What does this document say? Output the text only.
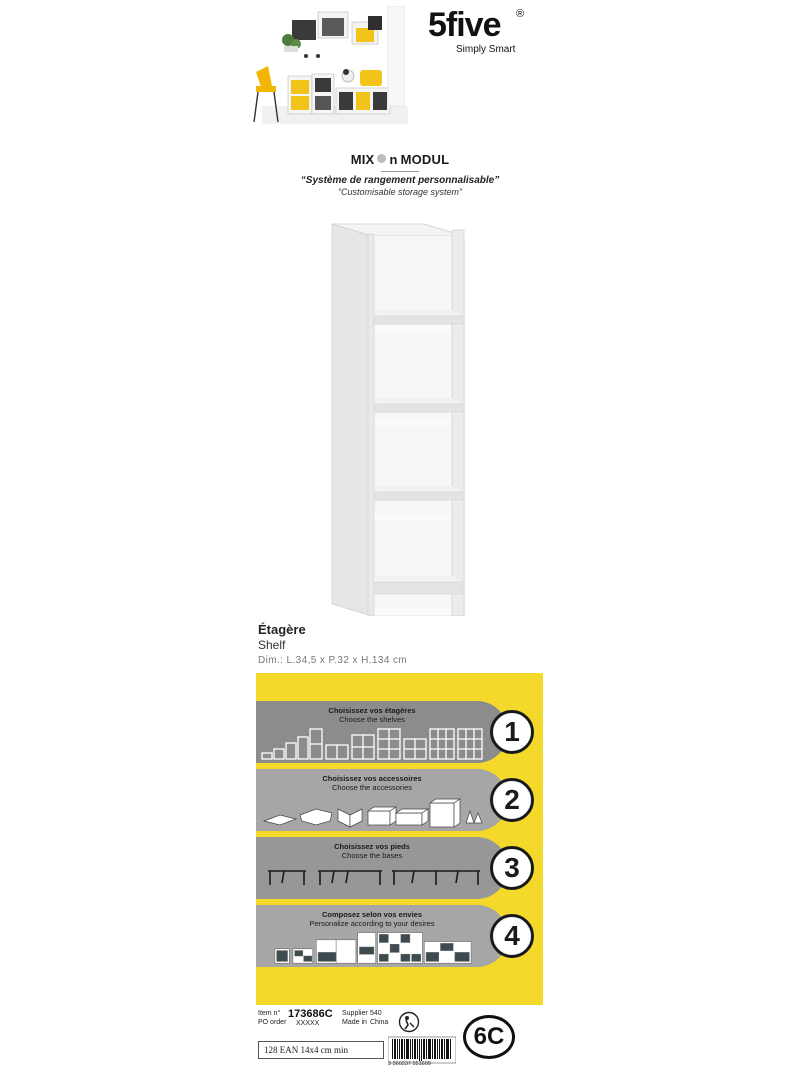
5five ®
Simply Smart
MIX n MODUL
“Système de rangement personnalisable”
“Customisable storage system”
Étagère
Shelf
Dim.: L.34,5 x P.32 x H.134 cm
Choisissez vos étagères
Choose the shelves	1
Choisissez vos accessoires
Choose the accessories	2
Choisissez vos pieds
Choose the bases	3
Composez selon vos envies
Personalize according to your desires	4
Item n°
PO order
173686C
XXXXX
Supplier 540
Made in China
128 EAN 14x4 cm min
3 560237 551609
6C
